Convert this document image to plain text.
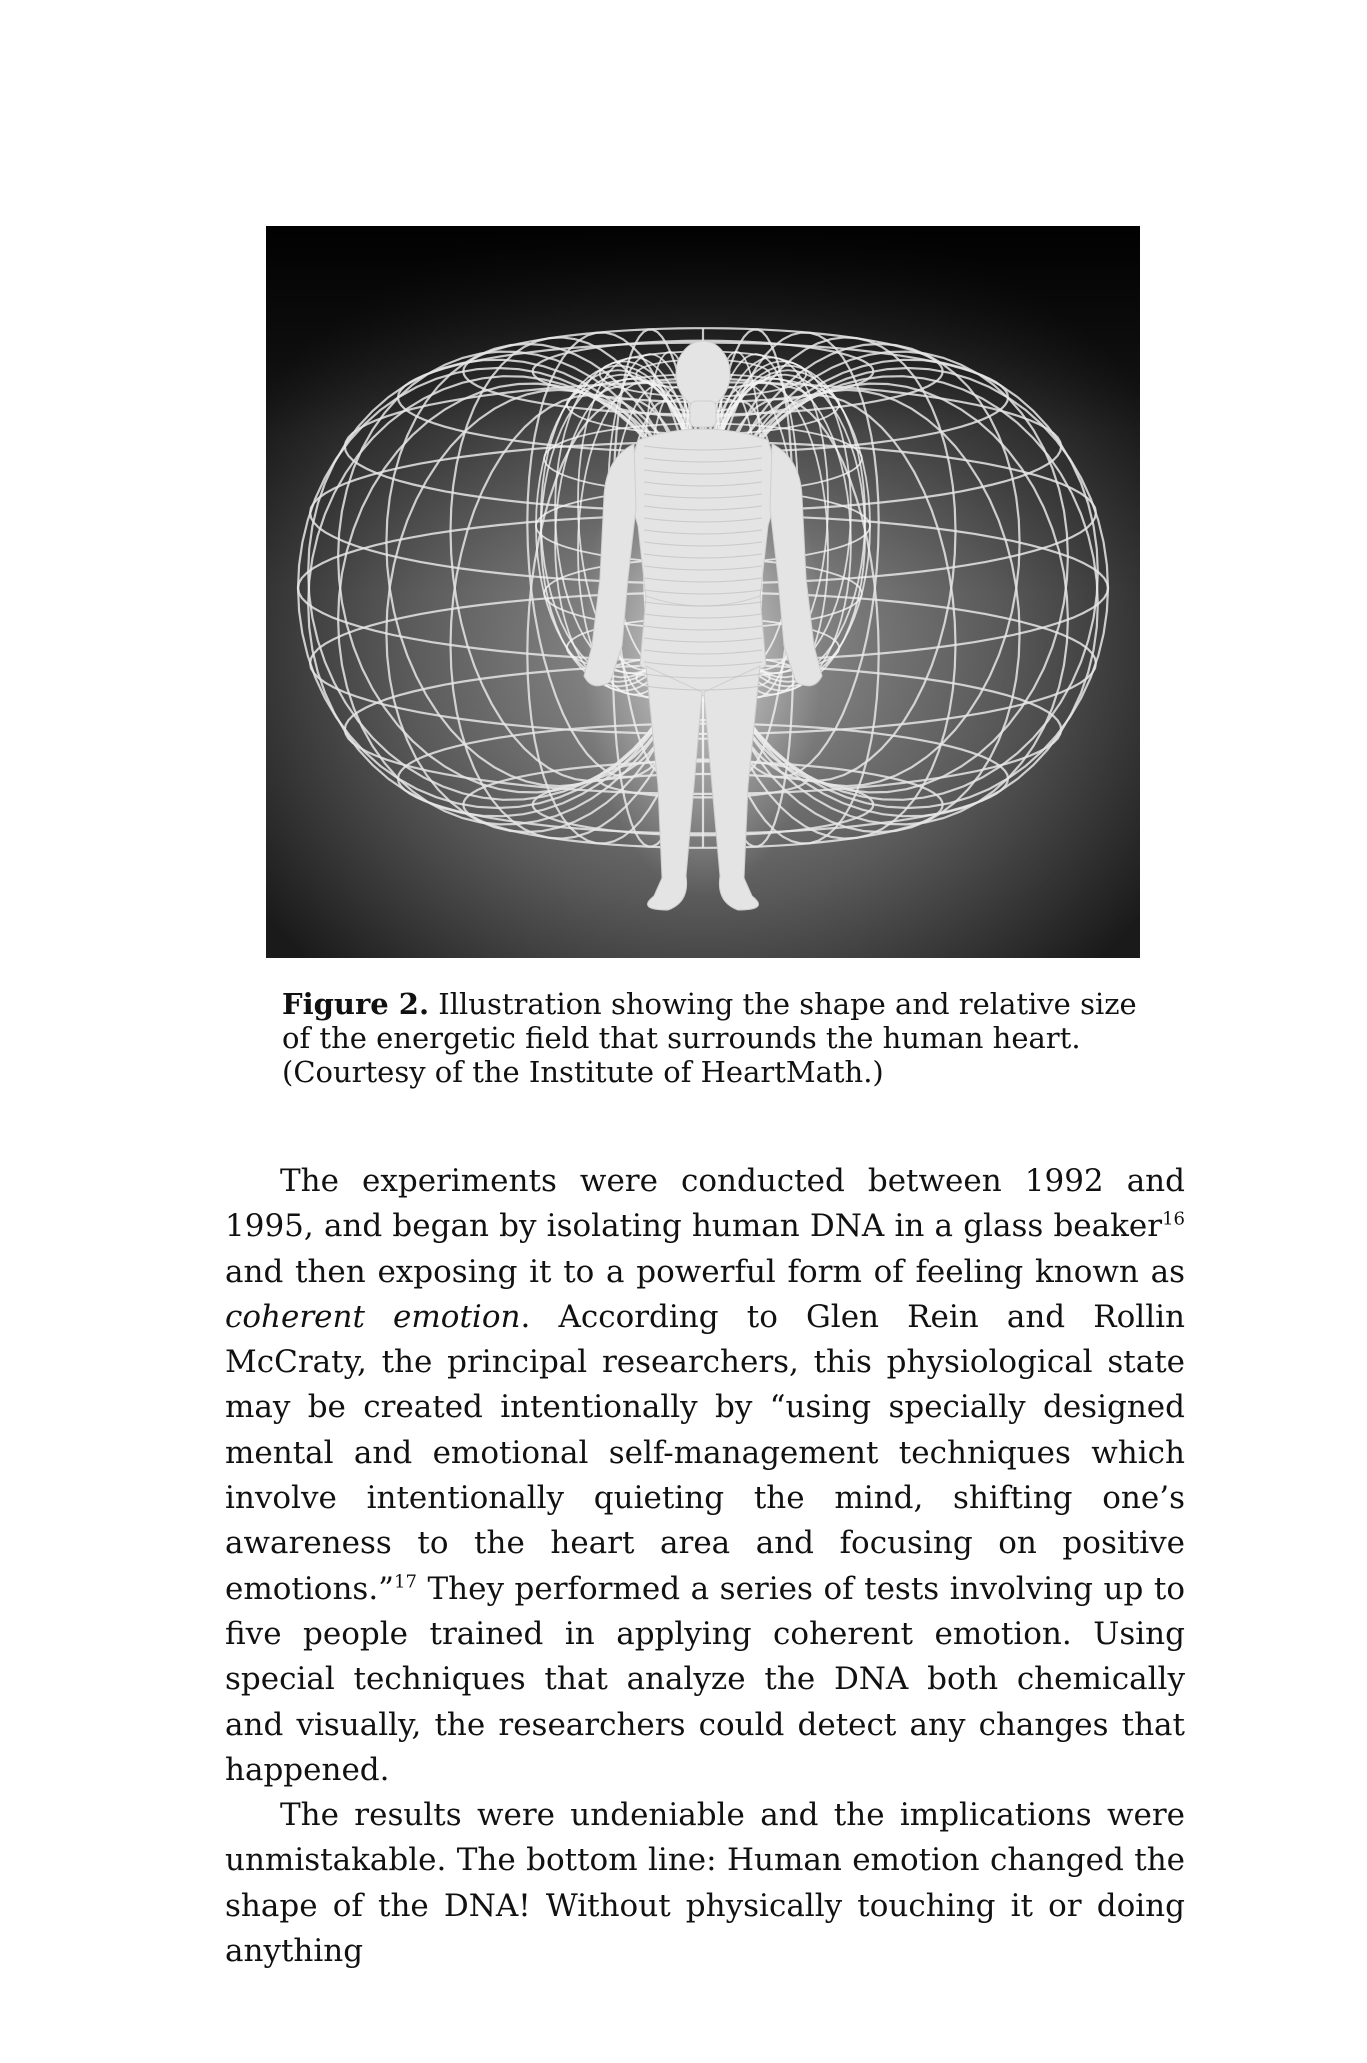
Figure 2. Illustration showing the shape and relative size of the energetic field that surrounds the human heart. (Courtesy of the Institute of HeartMath.)

The experiments were conducted between 1992 and 1995, and began by isolating human DNA in a glass beaker$^{16}$ and then exposing it to a powerful form of feeling known as coherent emotion. According to Glen Rein and Rollin McCraty, the principal researchers, this physiological state may be created intentionally by “using specially designed mental and emotional self-management techniques which involve intentionally quieting the mind, shifting one’s awareness to the heart area and focusing on positive emotions.”$^{17}$ They performed a series of tests involving up to five people trained in applying coherent emotion. Using special techniques that analyze the DNA both chemically and visually, the researchers could detect any changes that happened.

The results were undeniable and the implications were unmistakable. The bottom line: Human emotion changed the shape of the DNA! Without physically touching it or doing anything
